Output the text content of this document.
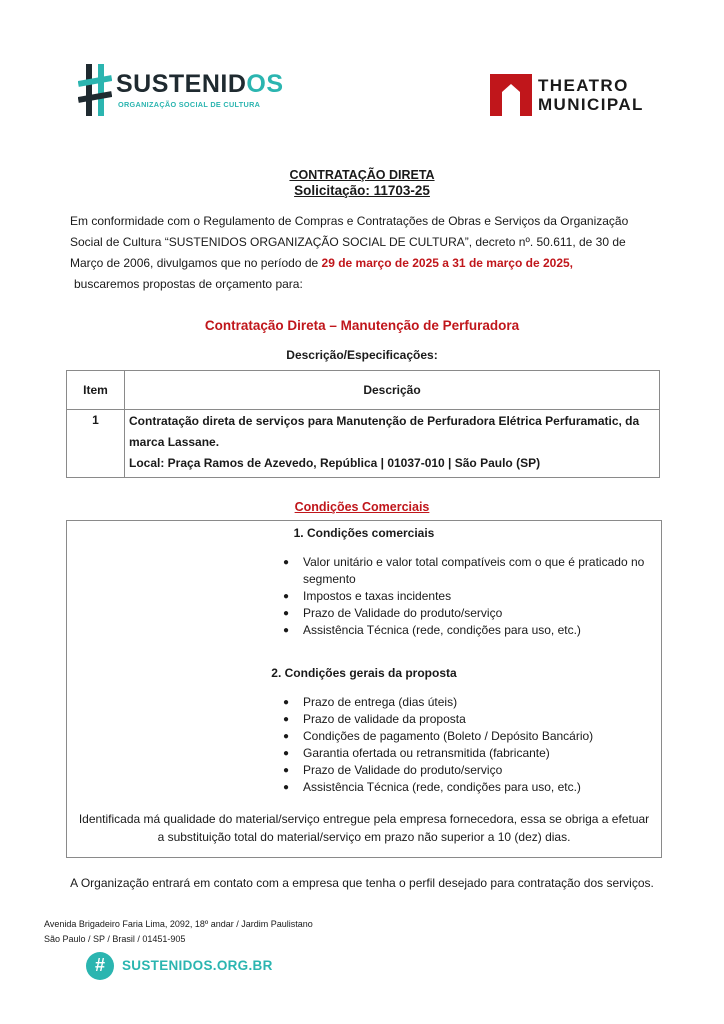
SUSTENIDOS
ORGANIZAÇÃO SOCIAL DE CULTURA
THEATRO
MUNICIPAL
CONTRATAÇÃO DIRETA
Solicitação: 11703-25
Em conformidade com o Regulamento de Compras e Contratações de Obras e Serviços da Organização
Social de Cultura “SUSTENIDOS ORGANIZAÇÃO SOCIAL DE CULTURA”, decreto nº. 50.611, de 30 de
Março de 2006, divulgamos que no período de 29 de março de 2025 a 31 de março de 2025,
buscaremos propostas de orçamento para:
Contratação Direta – Manutenção de Perfuradora
Descrição/Especificações:
Item	Descrição
1	Contratação direta de serviços para Manutenção de Perfuradora Elétrica Perfuramatic, da
marca Lassane.
Local: Praça Ramos de Azevedo, República | 01037-010 | São Paulo (SP)
Condições Comerciais
1. Condições comerciais
● Valor unitário e valor total compatíveis com o que é praticado no segmento
● Impostos e taxas incidentes
● Prazo de Validade do produto/serviço
● Assistência Técnica (rede, condições para uso, etc.)
2. Condições gerais da proposta
● Prazo de entrega (dias úteis)
● Prazo de validade da proposta
● Condições de pagamento (Boleto / Depósito Bancário)
● Garantia ofertada ou retransmitida (fabricante)
● Prazo de Validade do produto/serviço
● Assistência Técnica (rede, condições para uso, etc.)
Identificada má qualidade do material/serviço entregue pela empresa fornecedora, essa se obriga a efetuar
a substituição total do material/serviço em prazo não superior a 10 (dez) dias.
A Organização entrará em contato com a empresa que tenha o perfil desejado para contratação dos serviços.
Avenida Brigadeiro Faria Lima, 2092, 18º andar / Jardim Paulistano
São Paulo / SP / Brasil / 01451-905
#	SUSTENIDOS.ORG.BR
